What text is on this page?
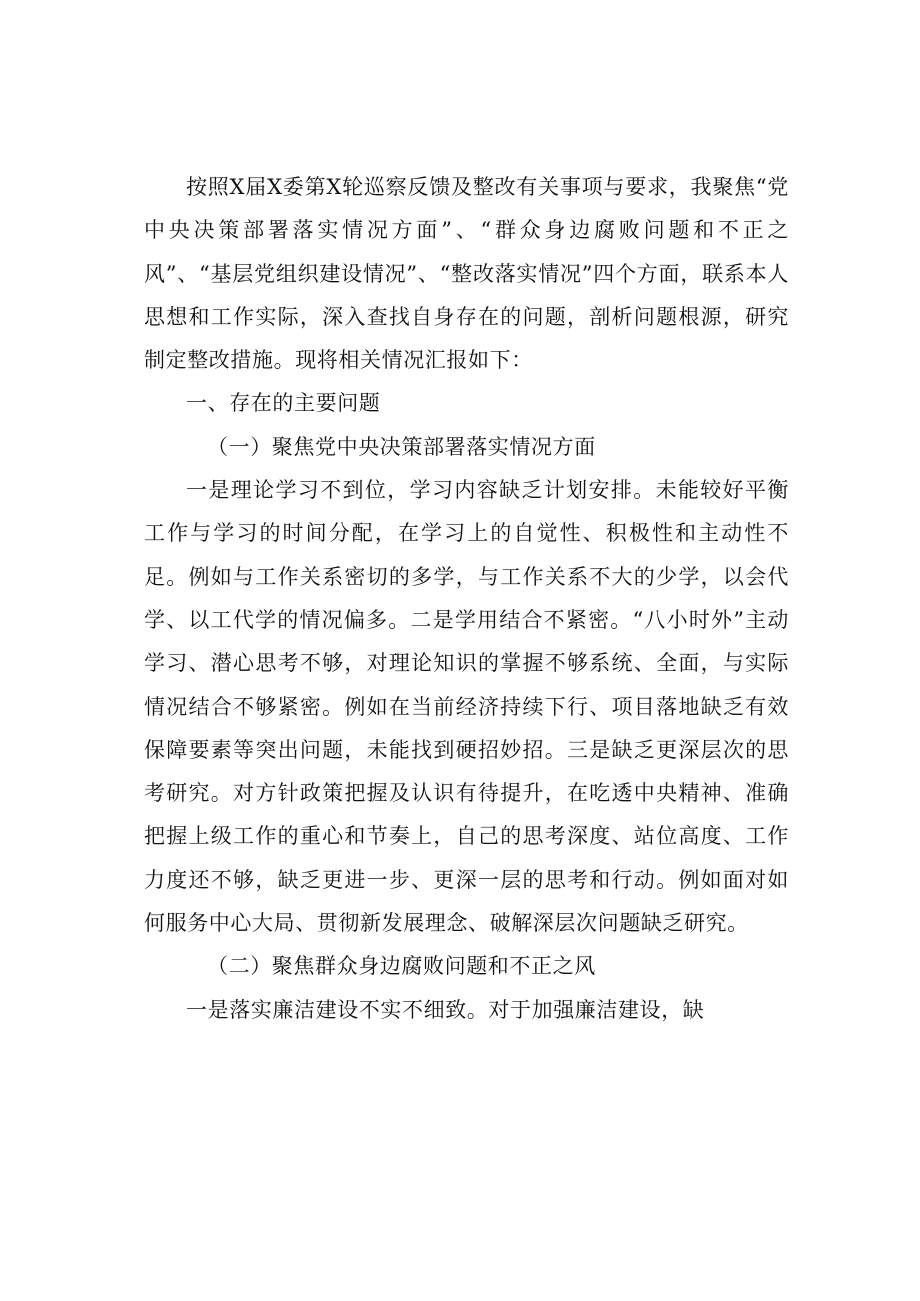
按照X届X委第X轮巡察反馈及整改有关事项与要求，我聚焦“党中央决策部署落实情况方面”、“群众身边腐败问题和不正之风”、“基层党组织建设情况”、“整改落实情况”四个方面，联系本人思想和工作实际，深入查找自身存在的问题，剖析问题根源，研究制定整改措施。现将相关情况汇报如下：

一、存在的主要问题

（一）聚焦党中央决策部署落实情况方面

一是理论学习不到位，学习内容缺乏计划安排。未能较好平衡工作与学习的时间分配，在学习上的自觉性、积极性和主动性不足。例如与工作关系密切的多学，与工作关系不大的少学，以会代学、以工代学的情况偏多。二是学用结合不紧密。“八小时外”主动学习、潜心思考不够，对理论知识的掌握不够系统、全面，与实际情况结合不够紧密。例如在当前经济持续下行、项目落地缺乏有效保障要素等突出问题，未能找到硬招妙招。三是缺乏更深层次的思考研究。对方针政策把握及认识有待提升，在吃透中央精神、准确把握上级工作的重心和节奏上，自己的思考深度、站位高度、工作力度还不够，缺乏更进一步、更深一层的思考和行动。例如面对如何服务中心大局、贯彻新发展理念、破解深层次问题缺乏研究。

（二）聚焦群众身边腐败问题和不正之风

一是落实廉洁建设不实不细致。对于加强廉洁建设，缺
